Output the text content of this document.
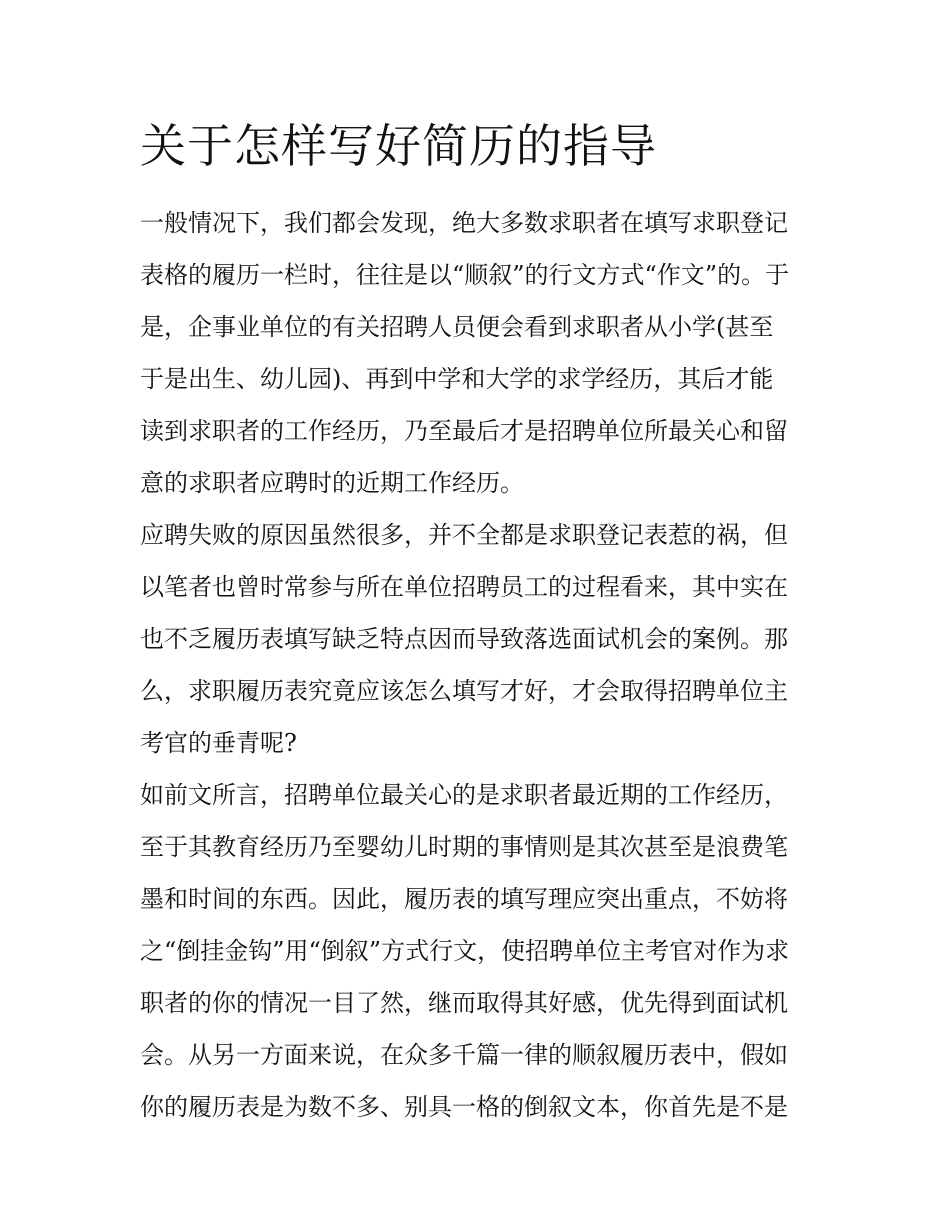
关于怎样写好简历的指导

一般情况下，我们都会发现，绝大多数求职者在填写求职登记

表格的履历一栏时，往往是以“顺叙”的行文方式“作文”的。于

是，企事业单位的有关招聘人员便会看到求职者从小学(甚至

于是出生、幼儿园)、再到中学和大学的求学经历，其后才能

读到求职者的工作经历，乃至最后才是招聘单位所最关心和留

意的求职者应聘时的近期工作经历。

应聘失败的原因虽然很多，并不全都是求职登记表惹的祸，但

以笔者也曾时常参与所在单位招聘员工的过程看来，其中实在

也不乏履历表填写缺乏特点因而导致落选面试机会的案例。那

么，求职履历表究竟应该怎么填写才好，才会取得招聘单位主

考官的垂青呢?

如前文所言，招聘单位最关心的是求职者最近期的工作经历，

至于其教育经历乃至婴幼儿时期的事情则是其次甚至是浪费笔

墨和时间的东西。因此，履历表的填写理应突出重点，不妨将

之“倒挂金钩”用“倒叙”方式行文，使招聘单位主考官对作为求

职者的你的情况一目了然，继而取得其好感，优先得到面试机

会。从另一方面来说，在众多千篇一律的顺叙履历表中，假如

你的履历表是为数不多、别具一格的倒叙文本，你首先是不是
